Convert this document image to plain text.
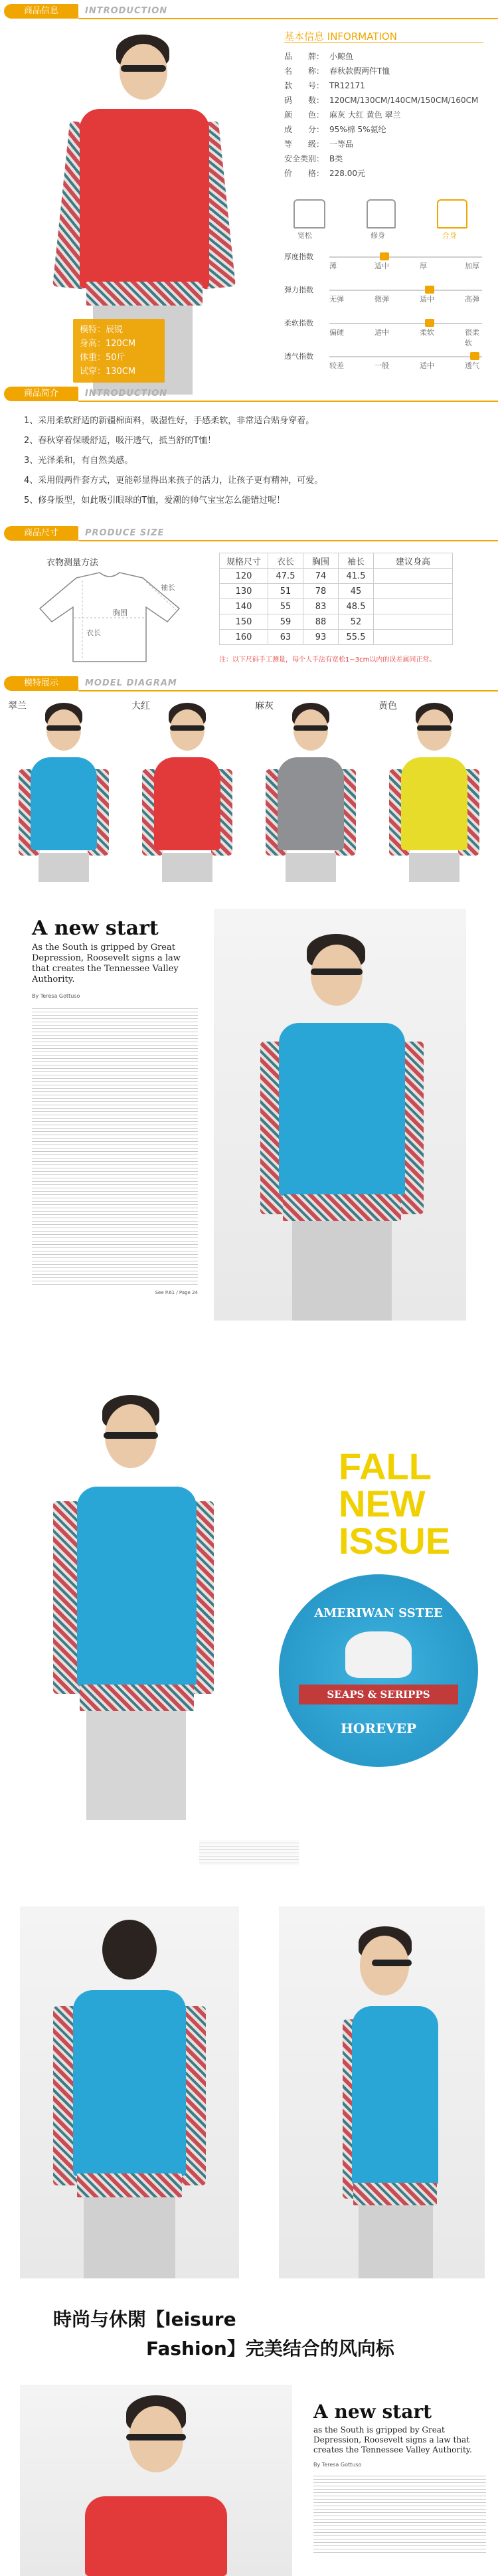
商品信息	INTRODUCTION
模特：辰锐
身高：120CM
体重：50斤
试穿：130CM
基本信息 INFORMATION
品　　牌： 小鲸鱼
名　　称： 春秋款假两件T恤
款　　号： TR12171
码　　数： 120CM/130CM/140CM/150CM/160CM
颜　　色： 麻灰 大红 黄色 翠兰
成　　分： 95%棉 5%氨纶
等　　级： 一等品
安全类别： B类
价　　格： 228.00元
宽松	修身	合身
厚度指数
薄	适中	厚	加厚
弹力指数
无弹	微弹	适中	高弹
柔软指数
偏硬	适中	柔软	很柔软
透气指数
较差	一般	适中	透气
商品简介	INTRODUCTION
1、采用柔软舒适的新疆棉面料，吸湿性好，手感柔软，非常适合贴身穿着。
2、春秋穿着保暖舒适，吸汗透气，抵当舒的T恤！
3、光泽柔和，有自然美感。
4、采用假两件套方式，更能彰显得出来孩子的活力，让孩子更有精神，可爱。
5、修身版型，如此吸引眼球的T恤，爱潮的帅气宝宝怎么能错过呢！
商品尺寸	PRODUCE SIZE
衣物测量方法
衣长
胸围
袖长
规格尺寸	衣长	胸围	袖长	建议身高
120	47.5	74	41.5	
130	51	78	45	
140	55	83	48.5	
150	59	88	52	
160	63	93	55.5	
注：以下尺码手工测量，每个人手法有宽松1~3cm以内的误差属同正常。
模特展示	MODEL DIAGRAM
翠兰	大红	麻灰	黄色
A new start
As the South is gripped by Great Depression, Roosevelt signs a law that creates the Tennessee Valley Authority.
By Teresa Gottuso
See P.61 / Page 24
FALL
NEW
ISSUE
AMERIWAN SSTEE
SEAPS & SERIPPS
HOREVEP
時尚与休閑【leisure
Fashion】完美结合的风向标
A new start
as the South is gripped by Great Depression, Roosevelt signs a law that creates the Tennessee Valley Authority.
By Teresa Gottuso
